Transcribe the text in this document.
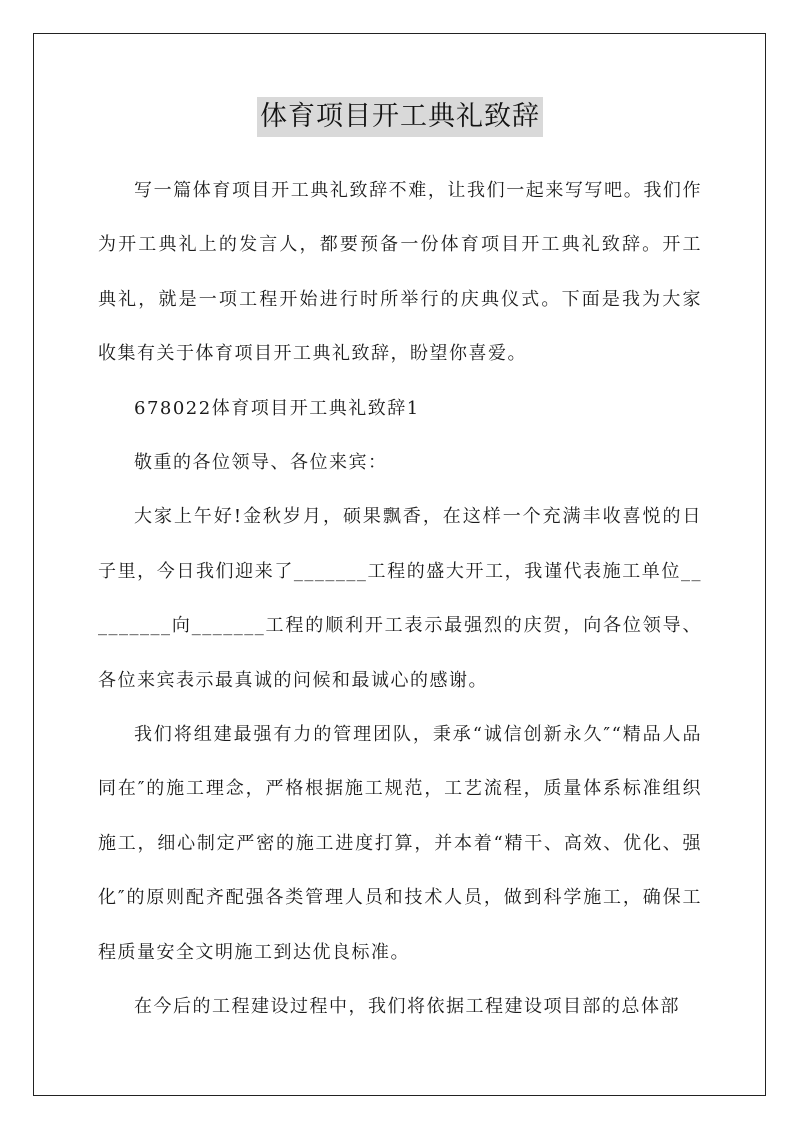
体育项目开工典礼致辞

写一篇体育项目开工典礼致辞不难，让我们一起来写写吧。我们作为开工典礼上的发言人，都要预备一份体育项目开工典礼致辞。开工典礼，就是一项工程开始进行时所举行的庆典仪式。下面是我为大家收集有关于体育项目开工典礼致辞，盼望你喜爱。

678022体育项目开工典礼致辞1

敬重的各位领导、各位来宾：

大家上午好!金秋岁月，硕果飘香，在这样一个充满丰收喜悦的日子里，今日我们迎来了_______工程的盛大开工，我谨代表施工单位_________向_______工程的顺利开工表示最强烈的庆贺，向各位领导、各位来宾表示最真诚的问候和最诚心的感谢。

我们将组建最强有力的管理团队，秉承“诚信创新永久″“精品人品同在″的施工理念，严格根据施工规范，工艺流程，质量体系标准组织施工，细心制定严密的施工进度打算，并本着“精干、高效、优化、强化″的原则配齐配强各类管理人员和技术人员，做到科学施工，确保工程质量安全文明施工到达优良标准。

在今后的工程建设过程中，我们将依据工程建设项目部的总体部
